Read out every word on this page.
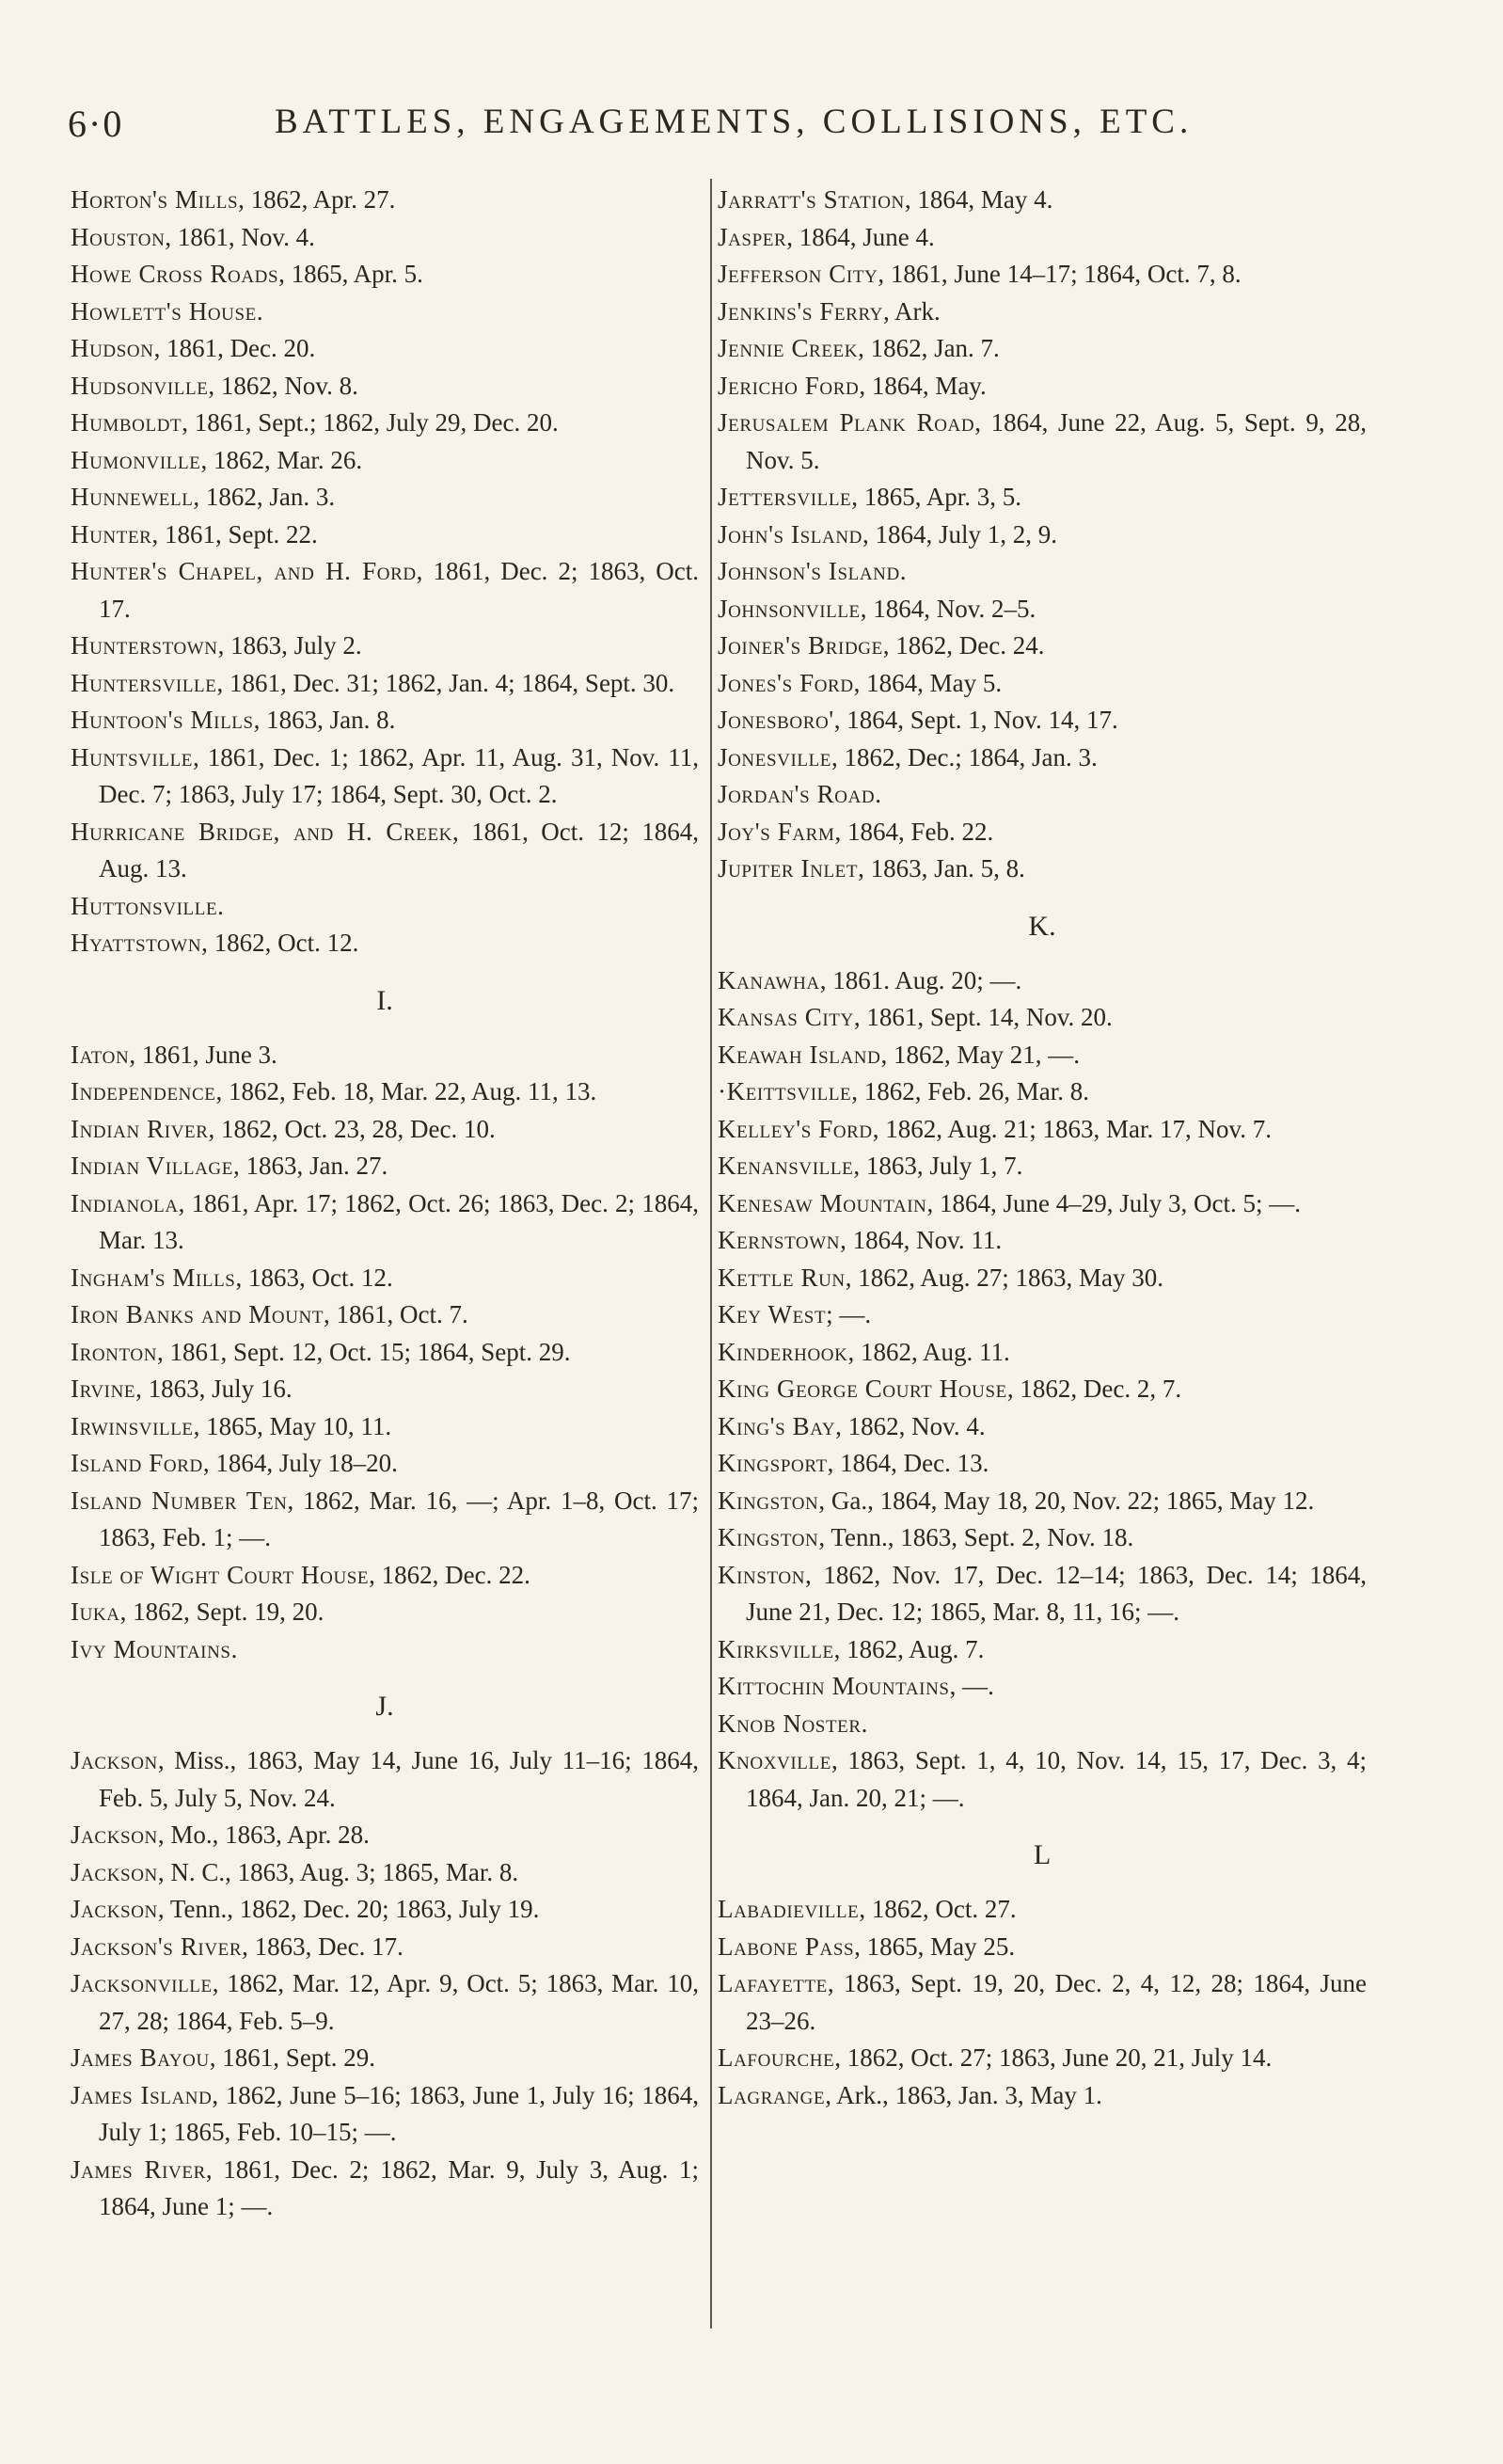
6·0	BATTLES, ENGAGEMENTS, COLLISIONS, ETC.
Horton's Mills, 1862, Apr. 27.
Houston, 1861, Nov. 4.
Howe Cross Roads, 1865, Apr. 5.
Howlett's House.
Hudson, 1861, Dec. 20.
Hudsonville, 1862, Nov. 8.
Humboldt, 1861, Sept.; 1862, July 29, Dec. 20.
Humonville, 1862, Mar. 26.
Hunnewell, 1862, Jan. 3.
Hunter, 1861, Sept. 22.
Hunter's Chapel, and H. Ford, 1861, Dec. 2; 1863, Oct. 17.
Hunterstown, 1863, July 2.
Huntersville, 1861, Dec. 31; 1862, Jan. 4; 1864, Sept. 30.
Huntoon's Mills, 1863, Jan. 8.
Huntsville, 1861, Dec. 1; 1862, Apr. 11, Aug. 31, Nov. 11, Dec. 7; 1863, July 17; 1864, Sept. 30, Oct. 2.
Hurricane Bridge, and H. Creek, 1861, Oct. 12; 1864, Aug. 13.
Huttonsville.
Hyattstown, 1862, Oct. 12.
I.
Iaton, 1861, June 3.
Independence, 1862, Feb. 18, Mar. 22, Aug. 11, 13.
Indian River, 1862, Oct. 23, 28, Dec. 10.
Indian Village, 1863, Jan. 27.
Indianola, 1861, Apr. 17; 1862, Oct. 26; 1863, Dec. 2; 1864, Mar. 13.
Ingham's Mills, 1863, Oct. 12.
Iron Banks and Mount, 1861, Oct. 7.
Ironton, 1861, Sept. 12, Oct. 15; 1864, Sept. 29.
Irvine, 1863, July 16.
Irwinsville, 1865, May 10, 11.
Island Ford, 1864, July 18–20.
Island Number Ten, 1862, Mar. 16, —; Apr. 1–8, Oct. 17; 1863, Feb. 1; —.
Isle of Wight Court House, 1862, Dec. 22.
Iuka, 1862, Sept. 19, 20.
Ivy Mountains.
J.
Jackson, Miss., 1863, May 14, June 16, July 11–16; 1864, Feb. 5, July 5, Nov. 24.
Jackson, Mo., 1863, Apr. 28.
Jackson, N. C., 1863, Aug. 3; 1865, Mar. 8.
Jackson, Tenn., 1862, Dec. 20; 1863, July 19.
Jackson's River, 1863, Dec. 17.
Jacksonville, 1862, Mar. 12, Apr. 9, Oct. 5; 1863, Mar. 10, 27, 28; 1864, Feb. 5–9.
James Bayou, 1861, Sept. 29.
James Island, 1862, June 5–16; 1863, June 1, July 16; 1864, July 1; 1865, Feb. 10–15; —.
James River, 1861, Dec. 2; 1862, Mar. 9, July 3, Aug. 1; 1864, June 1; —.
Jarratt's Station, 1864, May 4.
Jasper, 1864, June 4.
Jefferson City, 1861, June 14–17; 1864, Oct. 7, 8.
Jenkins's Ferry, Ark.
Jennie Creek, 1862, Jan. 7.
Jericho Ford, 1864, May.
Jerusalem Plank Road, 1864, June 22, Aug. 5, Sept. 9, 28, Nov. 5.
Jettersville, 1865, Apr. 3, 5.
John's Island, 1864, July 1, 2, 9.
Johnson's Island.
Johnsonville, 1864, Nov. 2–5.
Joiner's Bridge, 1862, Dec. 24.
Jones's Ford, 1864, May 5.
Jonesboro', 1864, Sept. 1, Nov. 14, 17.
Jonesville, 1862, Dec.; 1864, Jan. 3.
Jordan's Road.
Joy's Farm, 1864, Feb. 22.
Jupiter Inlet, 1863, Jan. 5, 8.
K.
Kanawha, 1861. Aug. 20; —.
Kansas City, 1861, Sept. 14, Nov. 20.
Keawah Island, 1862, May 21, —.
·Keittsville, 1862, Feb. 26, Mar. 8.
Kelley's Ford, 1862, Aug. 21; 1863, Mar. 17, Nov. 7.
Kenansville, 1863, July 1, 7.
Kenesaw Mountain, 1864, June 4–29, July 3, Oct. 5; —.
Kernstown, 1864, Nov. 11.
Kettle Run, 1862, Aug. 27; 1863, May 30.
Key West; —.
Kinderhook, 1862, Aug. 11.
King George Court House, 1862, Dec. 2, 7.
King's Bay, 1862, Nov. 4.
Kingsport, 1864, Dec. 13.
Kingston, Ga., 1864, May 18, 20, Nov. 22; 1865, May 12.
Kingston, Tenn., 1863, Sept. 2, Nov. 18.
Kinston, 1862, Nov. 17, Dec. 12–14; 1863, Dec. 14; 1864, June 21, Dec. 12; 1865, Mar. 8, 11, 16; —.
Kirksville, 1862, Aug. 7.
Kittochin Mountains, —.
Knob Noster.
Knoxville, 1863, Sept. 1, 4, 10, Nov. 14, 15, 17, Dec. 3, 4; 1864, Jan. 20, 21; —.
L
Labadieville, 1862, Oct. 27.
Labone Pass, 1865, May 25.
Lafayette, 1863, Sept. 19, 20, Dec. 2, 4, 12, 28; 1864, June 23–26.
Lafourche, 1862, Oct. 27; 1863, June 20, 21, July 14.
Lagrange, Ark., 1863, Jan. 3, May 1.
